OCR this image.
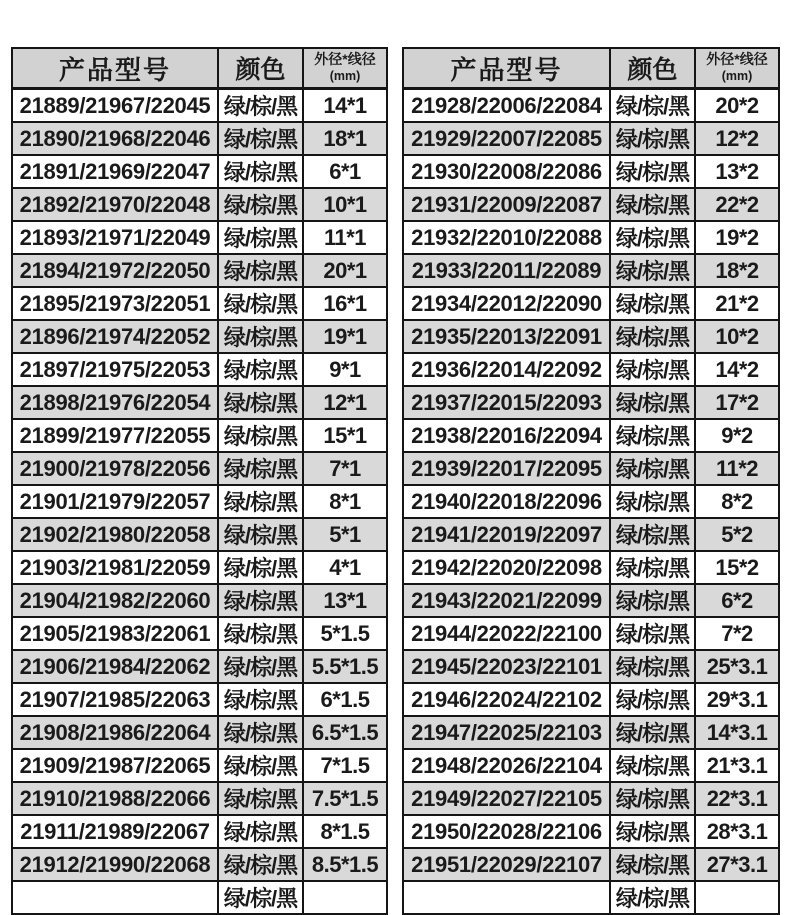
产品型号	颜色	外径*线径
(mm)
21889/21967/22045	绿/棕/黑	14*1
21890/21968/22046	绿/棕/黑	18*1
21891/21969/22047	绿/棕/黑	6*1
21892/21970/22048	绿/棕/黑	10*1
21893/21971/22049	绿/棕/黑	11*1
21894/21972/22050	绿/棕/黑	20*1
21895/21973/22051	绿/棕/黑	16*1
21896/21974/22052	绿/棕/黑	19*1
21897/21975/22053	绿/棕/黑	9*1
21898/21976/22054	绿/棕/黑	12*1
21899/21977/22055	绿/棕/黑	15*1
21900/21978/22056	绿/棕/黑	7*1
21901/21979/22057	绿/棕/黑	8*1
21902/21980/22058	绿/棕/黑	5*1
21903/21981/22059	绿/棕/黑	4*1
21904/21982/22060	绿/棕/黑	13*1
21905/21983/22061	绿/棕/黑	5*1.5
21906/21984/22062	绿/棕/黑	5.5*1.5
21907/21985/22063	绿/棕/黑	6*1.5
21908/21986/22064	绿/棕/黑	6.5*1.5
21909/21987/22065	绿/棕/黑	7*1.5
21910/21988/22066	绿/棕/黑	7.5*1.5
21911/21989/22067	绿/棕/黑	8*1.5
21912/21990/22068	绿/棕/黑	8.5*1.5
	绿/棕/黑	
产品型号	颜色	外径*线径
(mm)
21928/22006/22084	绿/棕/黑	20*2
21929/22007/22085	绿/棕/黑	12*2
21930/22008/22086	绿/棕/黑	13*2
21931/22009/22087	绿/棕/黑	22*2
21932/22010/22088	绿/棕/黑	19*2
21933/22011/22089	绿/棕/黑	18*2
21934/22012/22090	绿/棕/黑	21*2
21935/22013/22091	绿/棕/黑	10*2
21936/22014/22092	绿/棕/黑	14*2
21937/22015/22093	绿/棕/黑	17*2
21938/22016/22094	绿/棕/黑	9*2
21939/22017/22095	绿/棕/黑	11*2
21940/22018/22096	绿/棕/黑	8*2
21941/22019/22097	绿/棕/黑	5*2
21942/22020/22098	绿/棕/黑	15*2
21943/22021/22099	绿/棕/黑	6*2
21944/22022/22100	绿/棕/黑	7*2
21945/22023/22101	绿/棕/黑	25*3.1
21946/22024/22102	绿/棕/黑	29*3.1
21947/22025/22103	绿/棕/黑	14*3.1
21948/22026/22104	绿/棕/黑	21*3.1
21949/22027/22105	绿/棕/黑	22*3.1
21950/22028/22106	绿/棕/黑	28*3.1
21951/22029/22107	绿/棕/黑	27*3.1
	绿/棕/黑	
